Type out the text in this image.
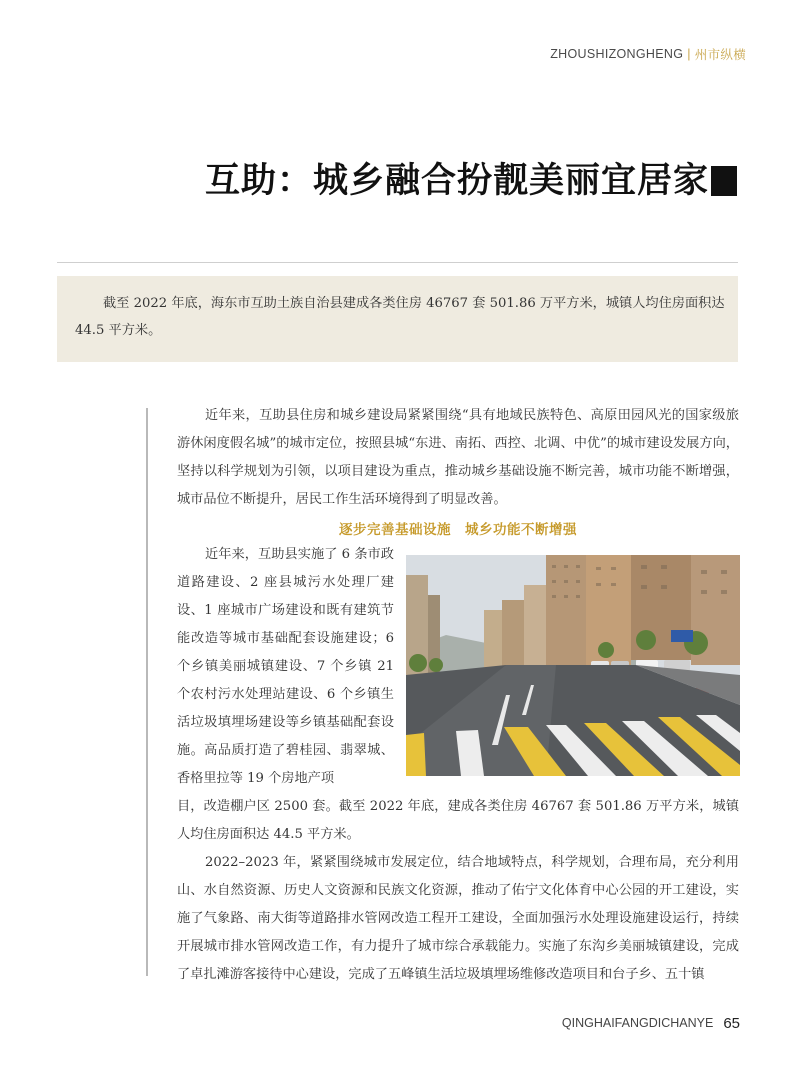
ZHOUSHIZONGHENG | 州市纵横
互助：城乡融合扮靓美丽宜居家

截至 2022 年底，海东市互助土族自治县建成各类住房 46767 套 501.86 万平方米，城镇人均住房面积达 44.5 平方米。

近年来，互助县住房和城乡建设局紧紧围绕“具有地域民族特色、高原田园风光的国家级旅游休闲度假名城”的城市定位，按照县城“东进、南拓、西控、北调、中优”的城市建设发展方向，坚持以科学规划为引领，以项目建设为重点，推动城乡基础设施不断完善，城市功能不断增强，城市品位不断提升，居民工作生活环境得到了明显改善。

逐步完善基础设施　城乡功能不断增强

近年来，互助县实施了 6 条市政道路建设、2 座县城污水处理厂建设、1 座城市广场建设和既有建筑节能改造等城市基础配套设施建设；6 个乡镇美丽城镇建设、7 个乡镇 21 个农村污水处理站建设、6 个乡镇生活垃圾填埋场建设等乡镇基础配套设施。高品质打造了碧桂园、翡翠城、香格里拉等 19 个房地产项

目，改造棚户区 2500 套。截至 2022 年底，建成各类住房 46767 套 501.86 万平方米，城镇人均住房面积达 44.5 平方米。

2022–2023 年，紧紧围绕城市发展定位，结合地域特点，科学规划，合理布局，充分利用山、水自然资源、历史人文资源和民族文化资源，推动了佑宁文化体育中心公园的开工建设，实施了气象路、南大街等道路排水管网改造工程开工建设，全面加强污水处理设施建设运行，持续开展城市排水管网改造工作，有力提升了城市综合承载能力。实施了东沟乡美丽城镇建设，完成了卓扎滩游客接待中心建设，完成了五峰镇生活垃圾填埋场维修改造项目和台子乡、五十镇

QINGHAIFANGDICHANYE 65
